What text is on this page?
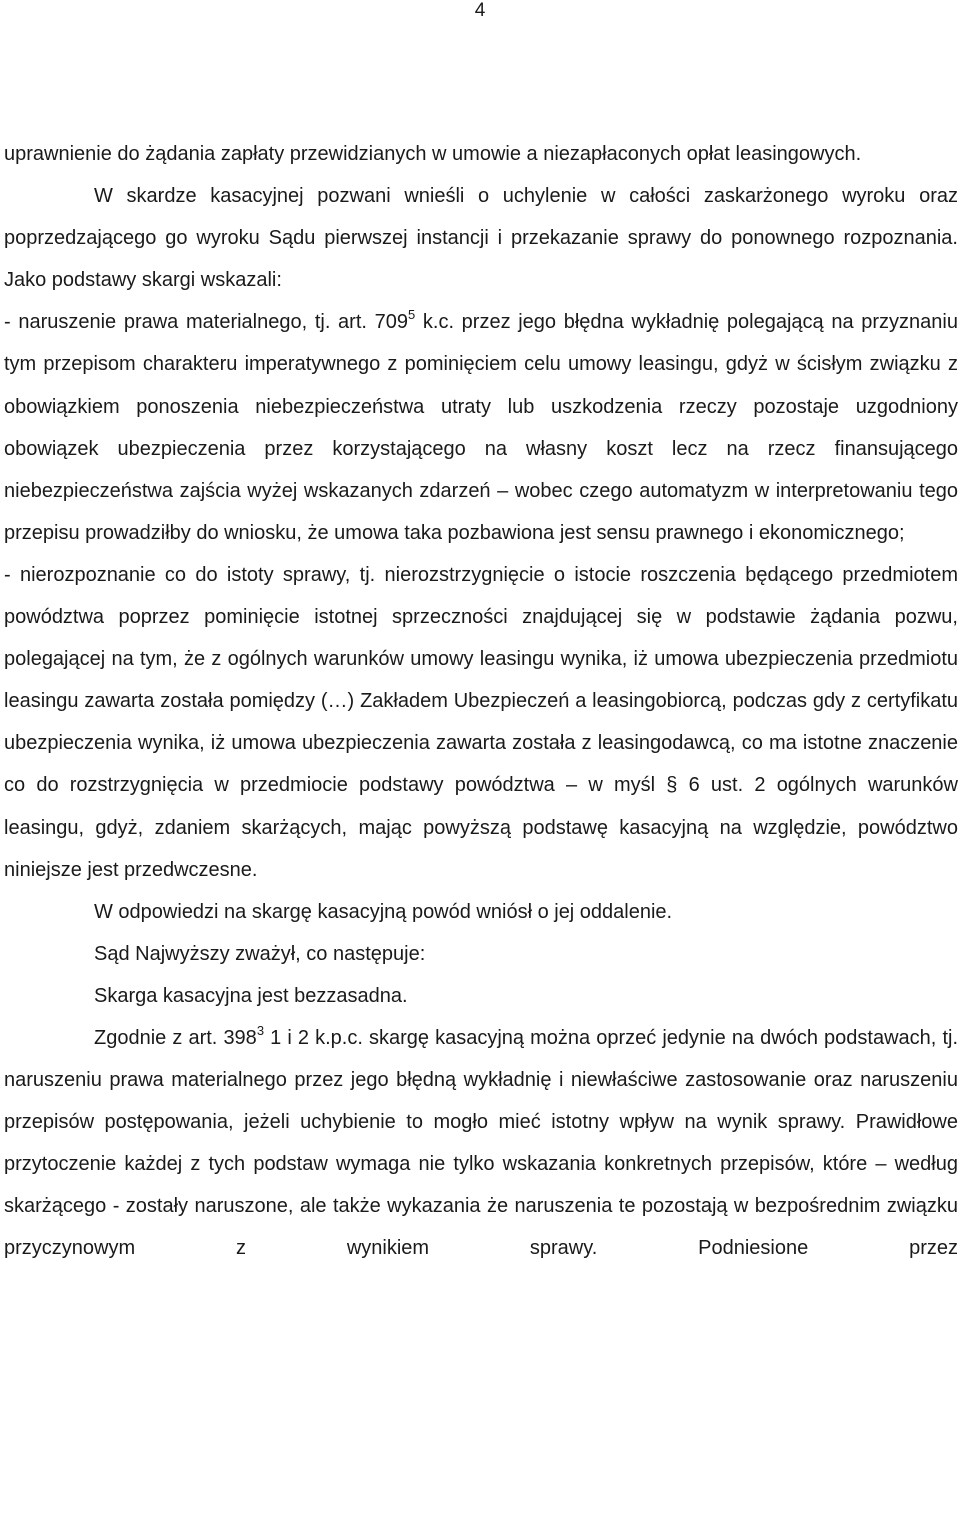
4

uprawnienie do żądania zapłaty przewidzianych w umowie a niezapłaconych opłat leasingowych.

W skardze kasacyjnej pozwani wnieśli o uchylenie w całości zaskarżonego wyroku oraz poprzedzającego go wyroku Sądu pierwszej instancji i przekazanie sprawy do ponownego rozpoznania. Jako podstawy skargi wskazali:

- naruszenie prawa materialnego, tj. art. $709^5$ k.c. przez jego błędna wykładnię polegającą na przyznaniu tym przepisom charakteru imperatywnego z pominięciem celu umowy leasingu, gdyż w ścisłym związku z obowiązkiem ponoszenia niebezpieczeństwa utraty lub uszkodzenia rzeczy pozostaje uzgodniony obowiązek ubezpieczenia przez korzystającego na własny koszt lecz na rzecz finansującego niebezpieczeństwa zajścia wyżej wskazanych zdarzeń – wobec czego automatyzm w interpretowaniu tego przepisu prowadziłby do wniosku, że umowa taka pozbawiona jest sensu prawnego i ekonomicznego;

- nierozpoznanie co do istoty sprawy, tj. nierozstrzygnięcie o istocie roszczenia będącego przedmiotem powództwa poprzez pominięcie istotnej sprzeczności znajdującej się w podstawie żądania pozwu, polegającej na tym, że z ogólnych warunków umowy leasingu wynika, iż umowa ubezpieczenia przedmiotu leasingu zawarta została pomiędzy (…) Zakładem Ubezpieczeń a leasingobiorcą, podczas gdy z certyfikatu ubezpieczenia wynika, iż umowa ubezpieczenia zawarta została z leasingodawcą, co ma istotne znaczenie co do rozstrzygnięcia w przedmiocie podstawy powództwa – w myśl § 6 ust. 2 ogólnych warunków leasingu, gdyż, zdaniem skarżących, mając powyższą podstawę kasacyjną na względzie, powództwo niniejsze jest przedwczesne.

W odpowiedzi na skargę kasacyjną powód wniósł o jej oddalenie.

Sąd Najwyższy zważył, co następuje:

Skarga kasacyjna jest bezzasadna.

Zgodnie z art. $398^3$ 1 i 2 k.p.c. skargę kasacyjną można oprzeć jedynie na dwóch podstawach, tj. naruszeniu prawa materialnego przez jego błędną wykładnię i niewłaściwe zastosowanie oraz naruszeniu przepisów postępowania, jeżeli uchybienie to mogło mieć istotny wpływ na wynik sprawy. Prawidłowe przytoczenie każdej z tych podstaw wymaga nie tylko wskazania konkretnych przepisów, które – według skarżącego - zostały naruszone, ale także wykazania że naruszenia te pozostają w bezpośrednim związku przyczynowym z wynikiem sprawy. Podniesione przez
